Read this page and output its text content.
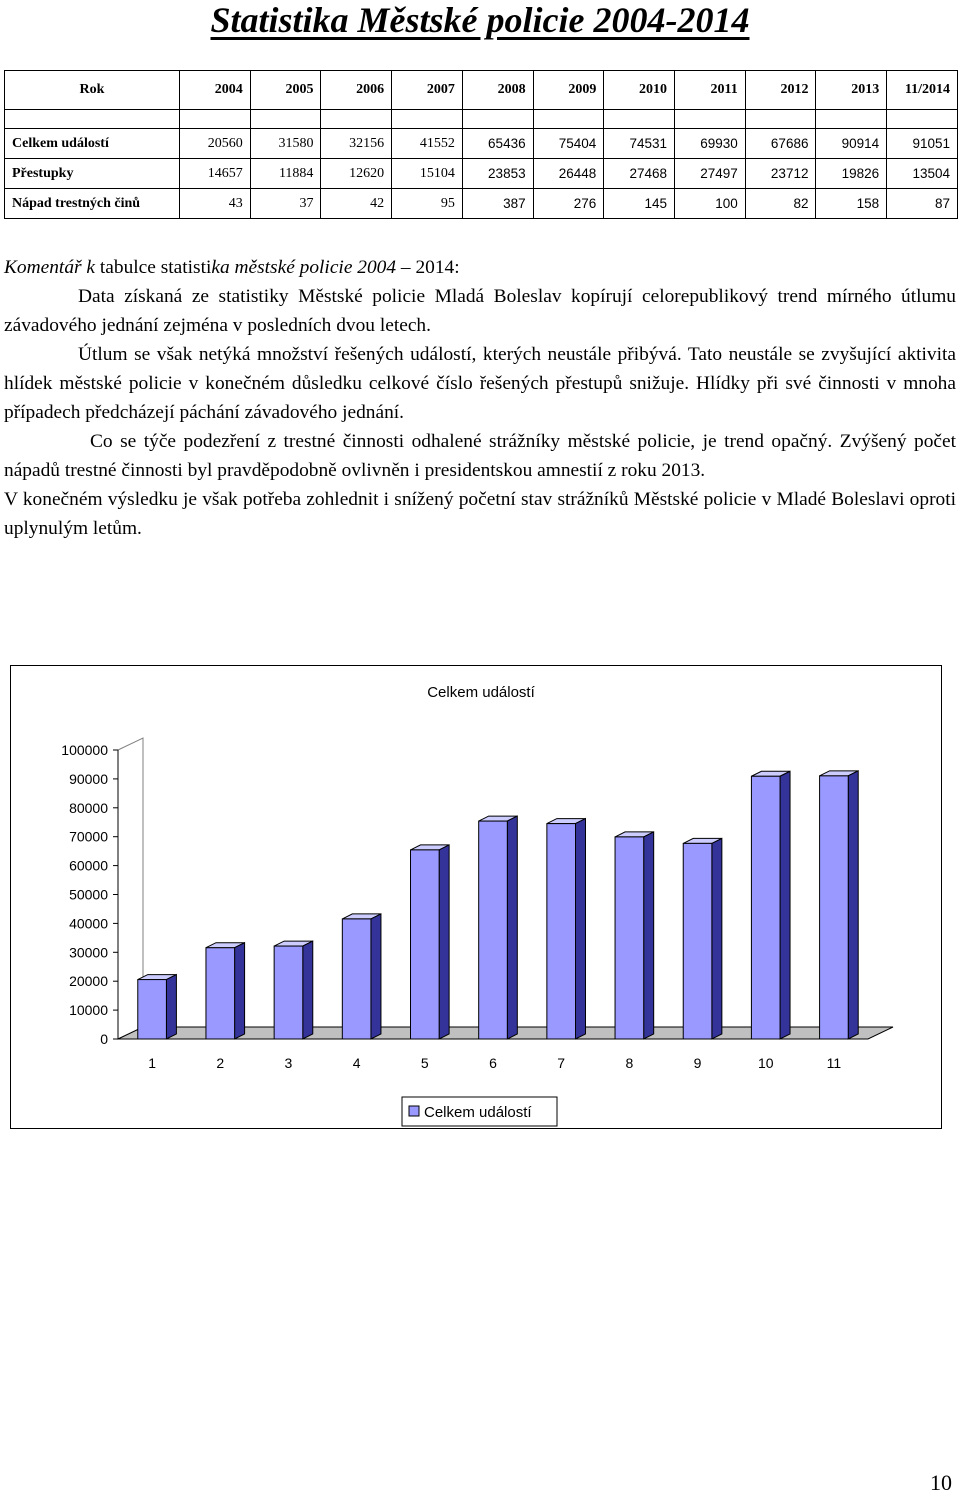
Statistika Městské policie 2004-2014
Rok	2004	2005	2006	2007	2008	2009	2010	2011	2012	2013	11/2014

Celkem událostí	20560	31580	32156	41552	65436	75404	74531	69930	67686	90914	91051
Přestupky	14657	11884	12620	15104	23853	26448	27468	27497	23712	19826	13504
Nápad trestných činů	43	37	42	95	387	276	145	100	82	158	87

Komentář k tabulce statistika městské policie 2004 – 2014:

Data získaná ze statistiky Městské policie Mladá Boleslav kopírují celorepublikový trend mírného útlumu závadového jednání zejména v posledních dvou letech.

Útlum se však netýká množství řešených událostí, kterých neustále přibývá. Tato neustále se zvyšující aktivita hlídek městské policie v konečném důsledku celkové číslo řešených přestupů snižuje. Hlídky při své činnosti v mnoha případech předcházejí páchání závadového jednání.

Co se týče podezření z trestné činnosti odhalené strážníky městské policie, je trend opačný. Zvýšený počet nápadů trestné činnosti byl pravděpodobně ovlivněn i presidentskou amnestií z roku 2013.

V konečném výsledku je však potřeba zohlednit i snížený početní stav strážníků Městské policie v Mladé Boleslavi oproti uplynulým letům.

Celkem událostí
0
10000
20000
30000
40000
50000
60000
70000
80000
90000
100000
1	2	3	4	5	6	7	8	9	10	11
Celkem událostí
10
